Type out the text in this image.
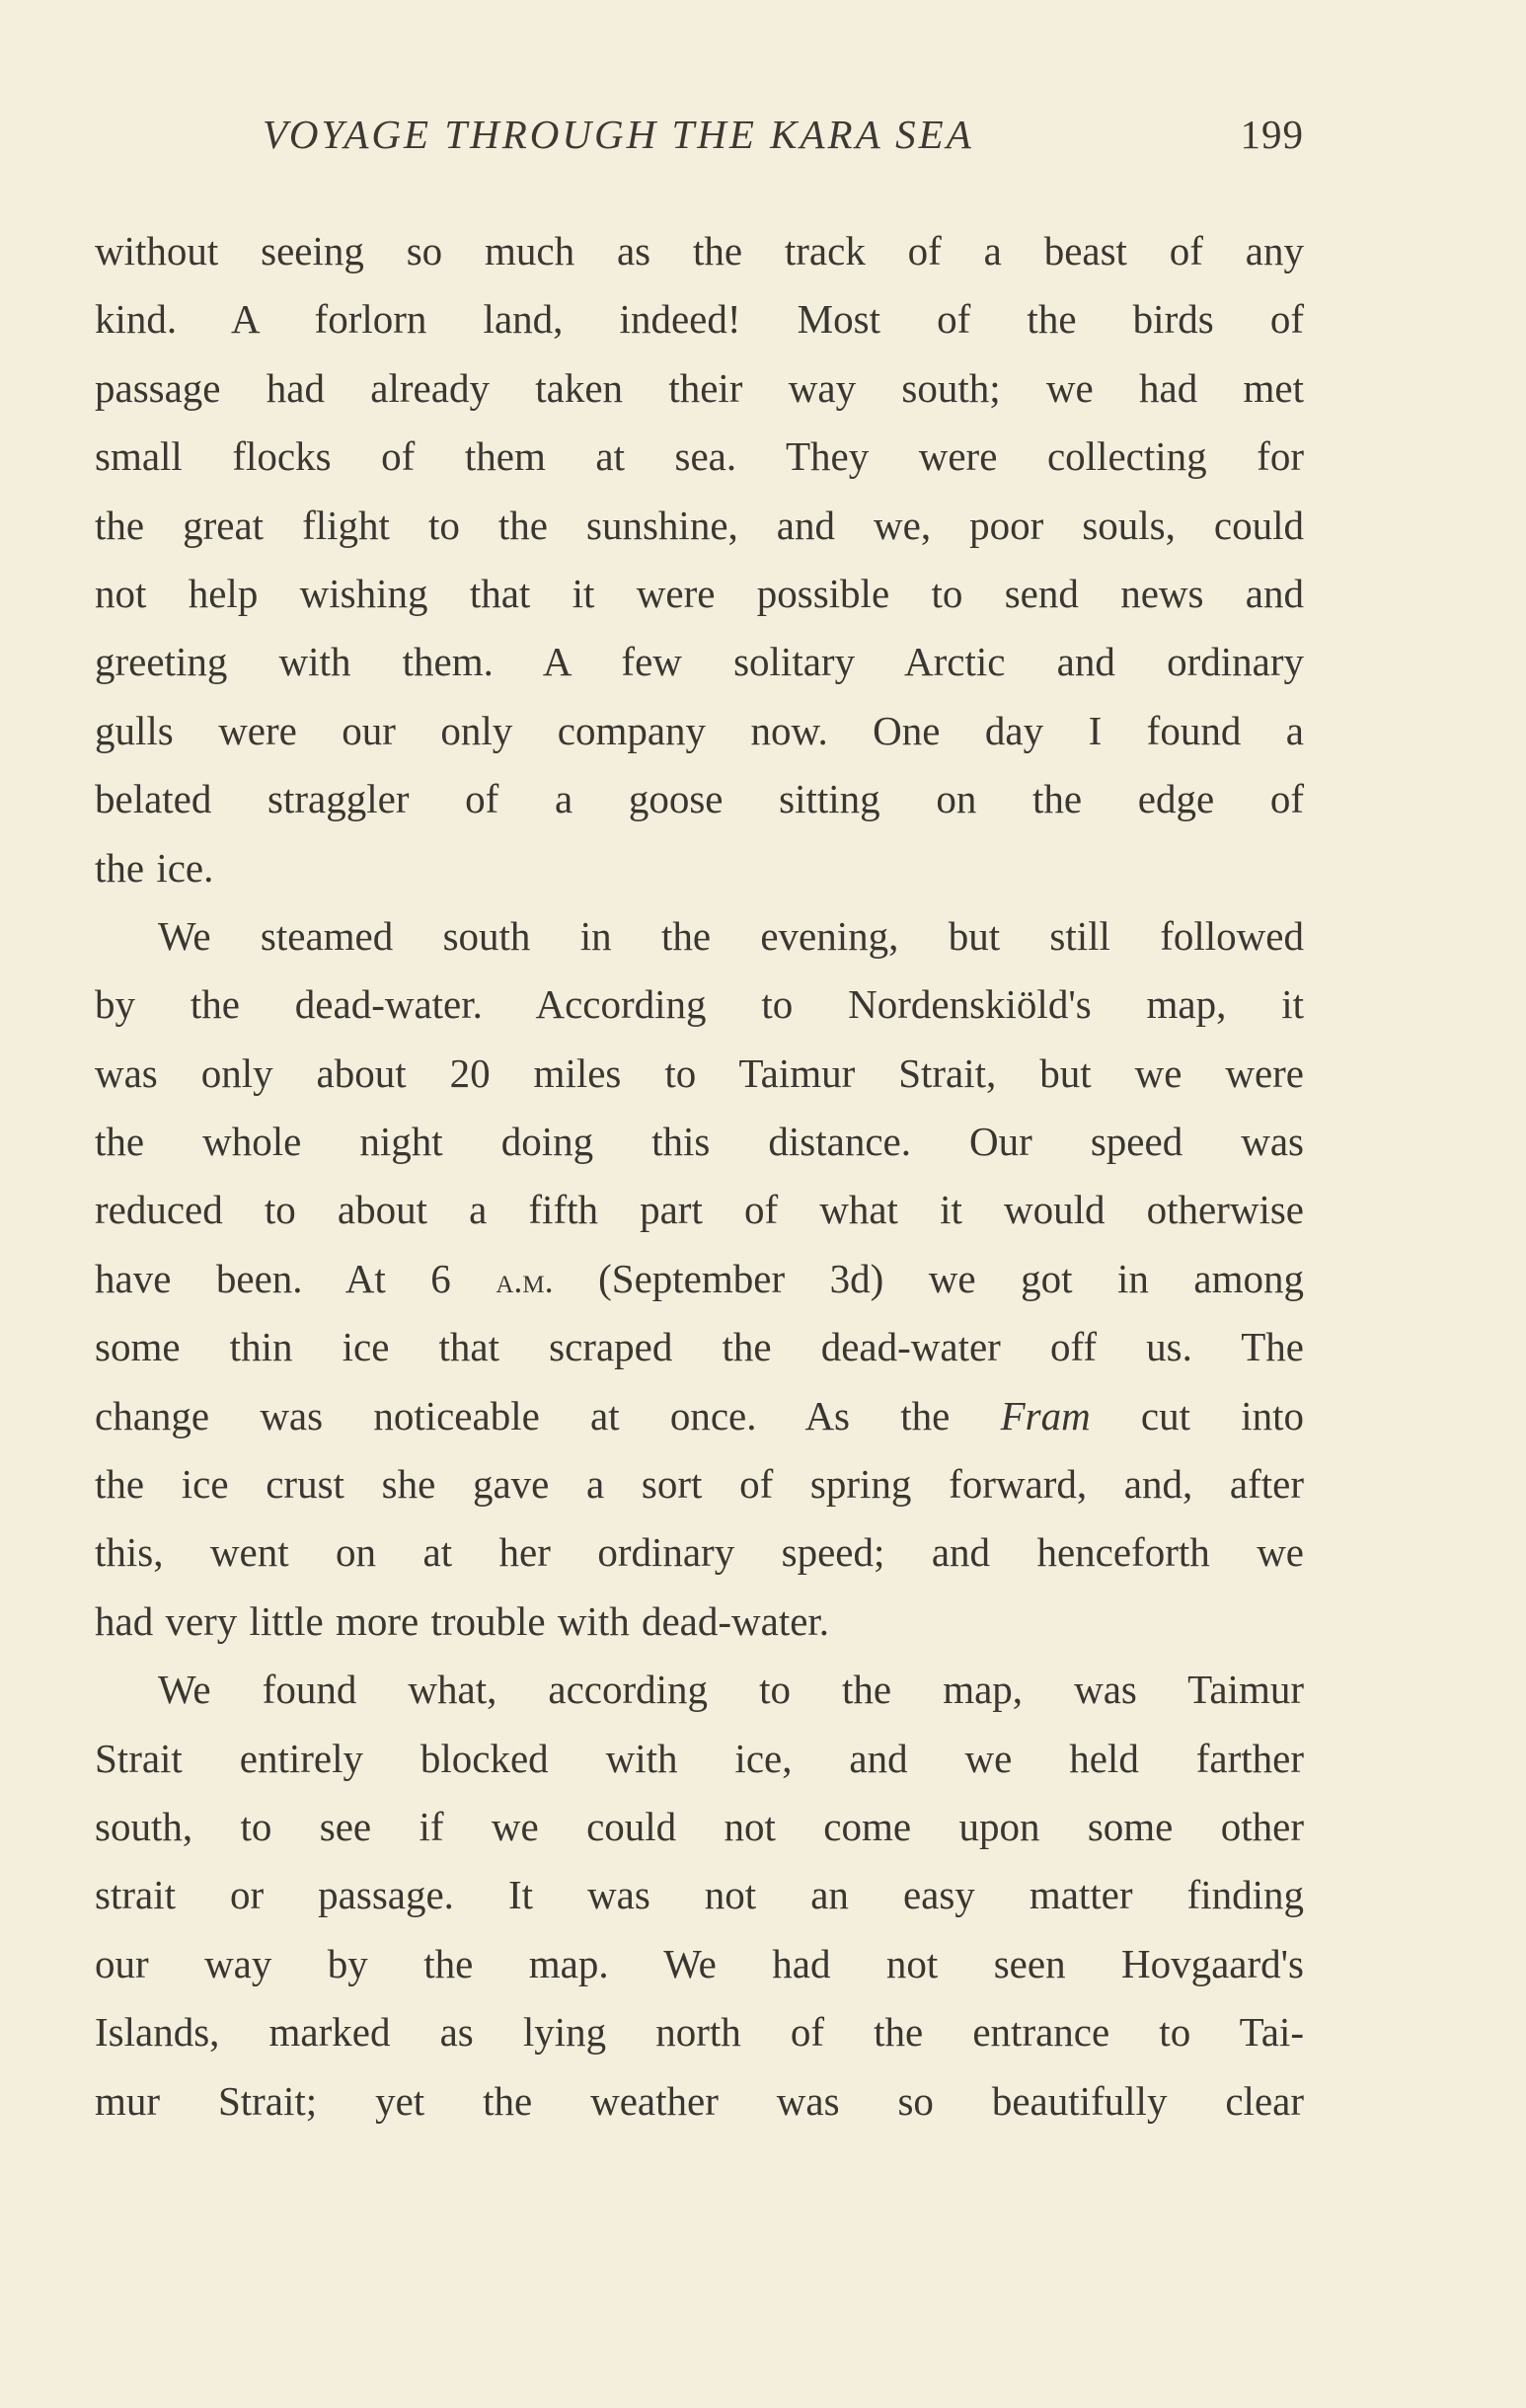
VOYAGE THROUGH THE KARA SEA	199
without seeing so much as the track of a beast of any
kind. A forlorn land, indeed! Most of the birds of
passage had already taken their way south; we had met
small flocks of them at sea. They were collecting for
the great flight to the sunshine, and we, poor souls, could
not help wishing that it were possible to send news and
greeting with them. A few solitary Arctic and ordinary
gulls were our only company now. One day I found a
belated straggler of a goose sitting on the edge of
the ice.
We steamed south in the evening, but still followed
by the dead-water. According to Nordenskiöld's map, it
was only about 20 miles to Taimur Strait, but we were
the whole night doing this distance. Our speed was
reduced to about a fifth part of what it would otherwise
have been. At 6 a.m. (September 3d) we got in among
some thin ice that scraped the dead-water off us. The
change was noticeable at once. As the Fram cut into
the ice crust she gave a sort of spring forward, and, after
this, went on at her ordinary speed; and henceforth we
had very little more trouble with dead-water.
We found what, according to the map, was Taimur
Strait entirely blocked with ice, and we held farther
south, to see if we could not come upon some other
strait or passage. It was not an easy matter finding
our way by the map. We had not seen Hovgaard's
Islands, marked as lying north of the entrance to Tai-
mur Strait; yet the weather was so beautifully clear
